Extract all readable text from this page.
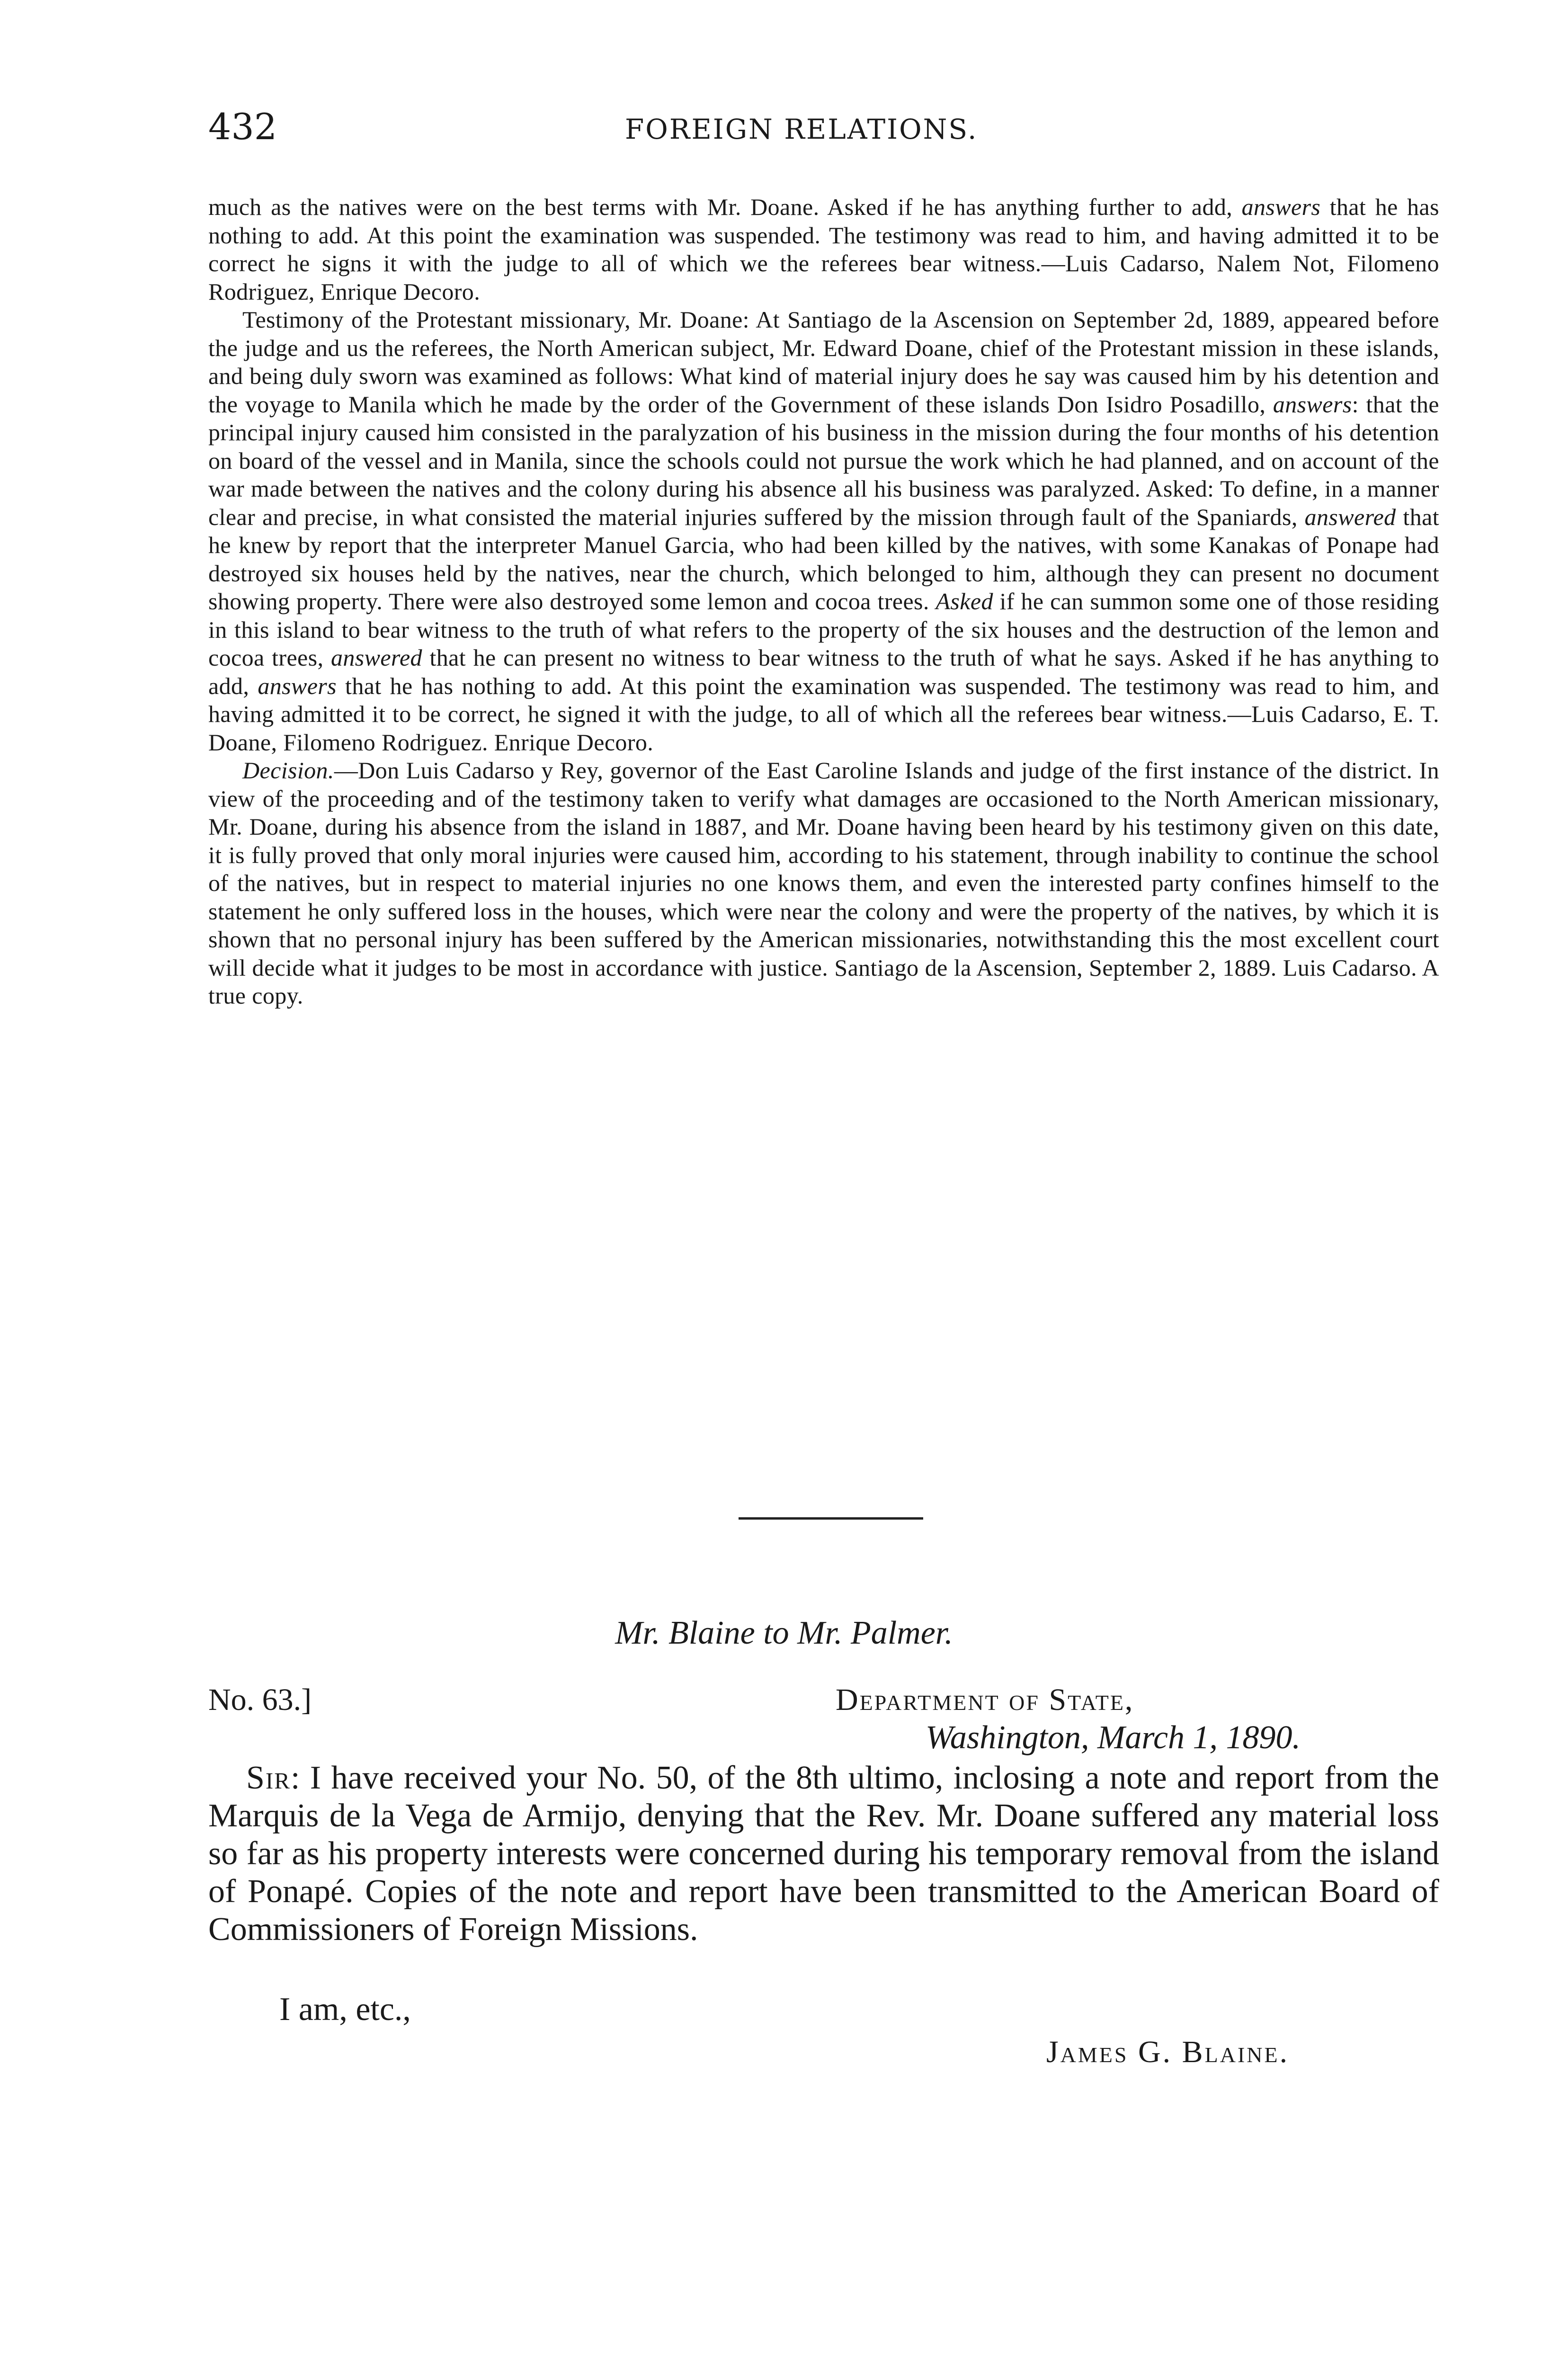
432	FOREIGN RELATIONS.

much as the natives were on the best terms with Mr. Doane. Asked if he has anything further to add, answers that he has nothing to add. At this point the examination was suspended. The testimony was read to him, and having admitted it to be correct he signs it with the judge to all of which we the referees bear witness.—Luis Cadarso, Nalem Not, Filomeno Rodriguez, Enrique Decoro.

Testimony of the Protestant missionary, Mr. Doane: At Santiago de la Ascension on September 2d, 1889, appeared before the judge and us the referees, the North American subject, Mr. Edward Doane, chief of the Protestant mission in these islands, and being duly sworn was examined as follows: What kind of material injury does he say was caused him by his detention and the voyage to Manila which he made by the order of the Government of these islands Don Isidro Posadillo, answers: that the principal injury caused him consisted in the paralyzation of his business in the mission during the four months of his detention on board of the vessel and in Manila, since the schools could not pursue the work which he had planned, and on account of the war made between the natives and the colony during his absence all his business was paralyzed. Asked: To define, in a manner clear and precise, in what consisted the material injuries suffered by the mission through fault of the Spaniards, answered that he knew by report that the interpreter Manuel Garcia, who had been killed by the natives, with some Kanakas of Ponape had destroyed six houses held by the natives, near the church, which belonged to him, although they can present no document showing property. There were also destroyed some lemon and cocoa trees. Asked if he can summon some one of those residing in this island to bear witness to the truth of what refers to the property of the six houses and the destruction of the lemon and cocoa trees, answered that he can present no witness to bear witness to the truth of what he says. Asked if he has anything to add, answers that he has nothing to add. At this point the examination was suspended. The testimony was read to him, and having admitted it to be correct, he signed it with the judge, to all of which all the referees bear witness.—Luis Cadarso, E. T. Doane, Filomeno Rodriguez. Enrique Decoro.

Decision.—Don Luis Cadarso y Rey, governor of the East Caroline Islands and judge of the first instance of the district. In view of the proceeding and of the testimony taken to verify what damages are occasioned to the North American missionary, Mr. Doane, during his absence from the island in 1887, and Mr. Doane having been heard by his testimony given on this date, it is fully proved that only moral injuries were caused him, according to his statement, through inability to continue the school of the natives, but in respect to material injuries no one knows them, and even the interested party confines himself to the statement he only suffered loss in the houses, which were near the colony and were the property of the natives, by which it is shown that no personal injury has been suffered by the American missionaries, notwithstanding this the most excellent court will decide what it judges to be most in accordance with justice. Santiago de la Ascension, September 2, 1889. Luis Cadarso. A true copy.

Mr. Blaine to Mr. Palmer.
No. 63.]	Department of State,
Washington, March 1, 1890.

Sir: I have received your No. 50, of the 8th ultimo, inclosing a note and report from the Marquis de la Vega de Armijo, denying that the Rev. Mr. Doane suffered any material loss so far as his property interests were concerned during his temporary removal from the island of Ponapé. Copies of the note and report have been transmitted to the American Board of Commissioners of Foreign Missions.

I am, etc.,
James G. Blaine.
